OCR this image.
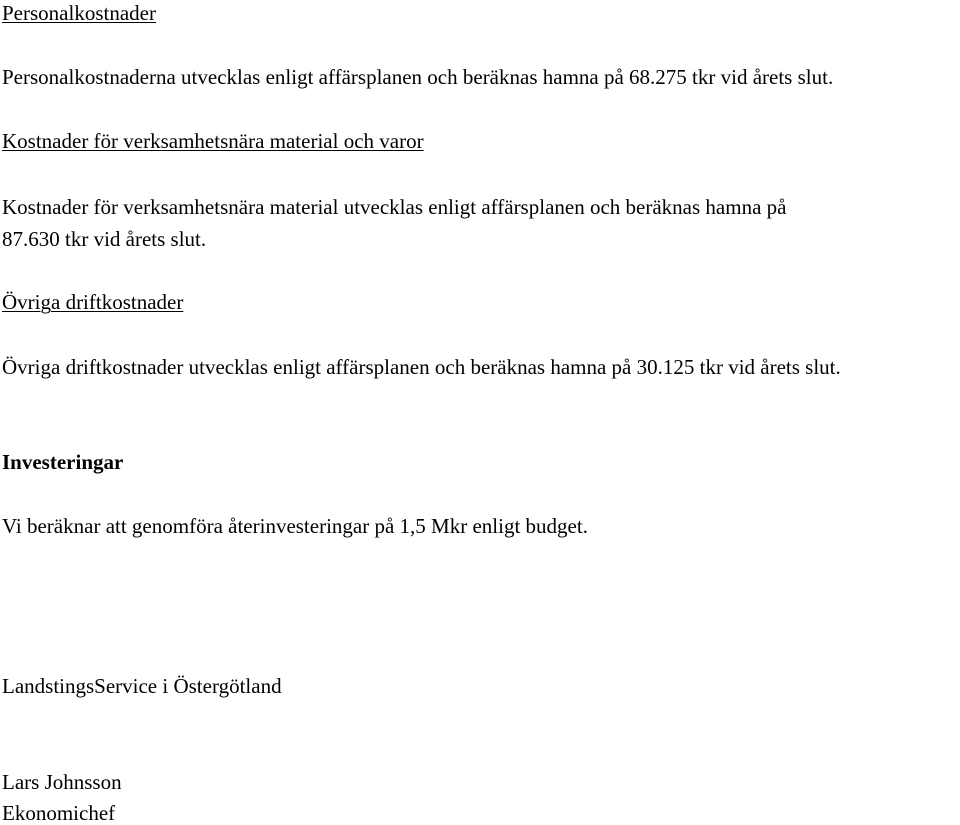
Personalkostnader
Personalkostnaderna utvecklas enligt affärsplanen och beräknas hamna på 68.275 tkr vid årets slut.
Kostnader för verksamhetsnära material och varor
Kostnader för verksamhetsnära material utvecklas enligt affärsplanen och beräknas hamna på
87.630 tkr vid årets slut.
Övriga driftkostnader
Övriga driftkostnader utvecklas enligt affärsplanen och beräknas hamna på 30.125 tkr vid årets slut.
Investeringar
Vi beräknar att genomföra återinvesteringar på 1,5 Mkr enligt budget.
LandstingsService i Östergötland
Lars Johnsson
Ekonomichef
